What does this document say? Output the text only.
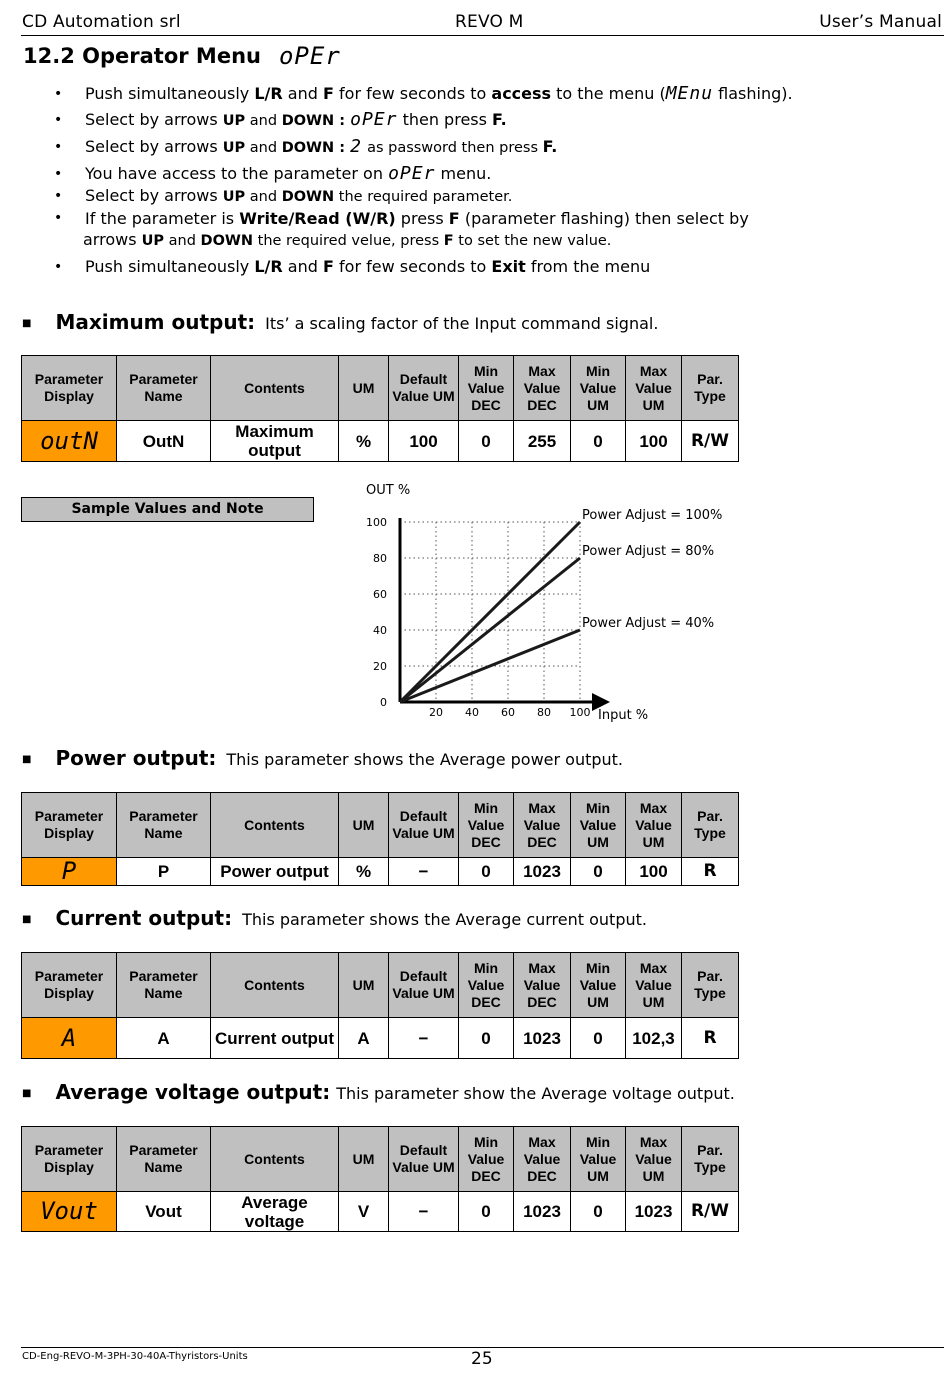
CD Automation srl	REVO M	User’s Manual
12.2
Operator Menu oPEr
• Push simultaneously L/R and F for few seconds to access to the menu (MEnu flashing).
• Select by arrows UP and DOWN : oPEr then press F.
• Select by arrows UP and DOWN : 2 as password then press F.
• You have access to the parameter on oPEr menu.
• Select by arrows UP and DOWN the required parameter.
• If the parameter is Write/Read (W/R) press F (parameter flashing) then select by
arrows UP and DOWN the required velue, press F to set the new value.
• Push simultaneously L/R and F for few seconds to Exit from the menu
■ Maximum output: Its’ a scaling factor of the Input command signal.
Parameter Display	Parameter Name	Contents	UM	Default Value UM	Min Value DEC	Max Value DEC	Min Value UM	Max Value UM	Par. Type
outN	OutN	Maximum output	%	100	0	255	0	100	R/W
Sample Values and Note	Power Adjust = 100%
Power Adjust = 80%
Power Adjust = 40%
0
20
40
60
80
100
20 40 60 80 100
OUT %
Input %
■ Power output: This parameter shows the Average power output.
Parameter Display	Parameter Name	Contents	UM	Default Value UM	Min Value DEC	Max Value DEC	Min Value UM	Max Value UM	Par. Type
P	P	Power output	%	−	0	1023	0	100	R
■ Current output: This parameter shows the Average current output.
Parameter Display	Parameter Name	Contents	UM	Default Value UM	Min Value DEC	Max Value DEC	Min Value UM	Max Value UM	Par. Type
A	A	Current output	A	−	0	1023	0	102,3	R
■ Average voltage output: This parameter show the Average voltage output.
Parameter Display	Parameter Name	Contents	UM	Default Value UM	Min Value DEC	Max Value DEC	Min Value UM	Max Value UM	Par. Type
Vout	Vout	Average voltage	V	−	0	1023	0	1023	R/W
CD-Eng-REVO-M-3PH-30-40A-Thyristors-Units	25
